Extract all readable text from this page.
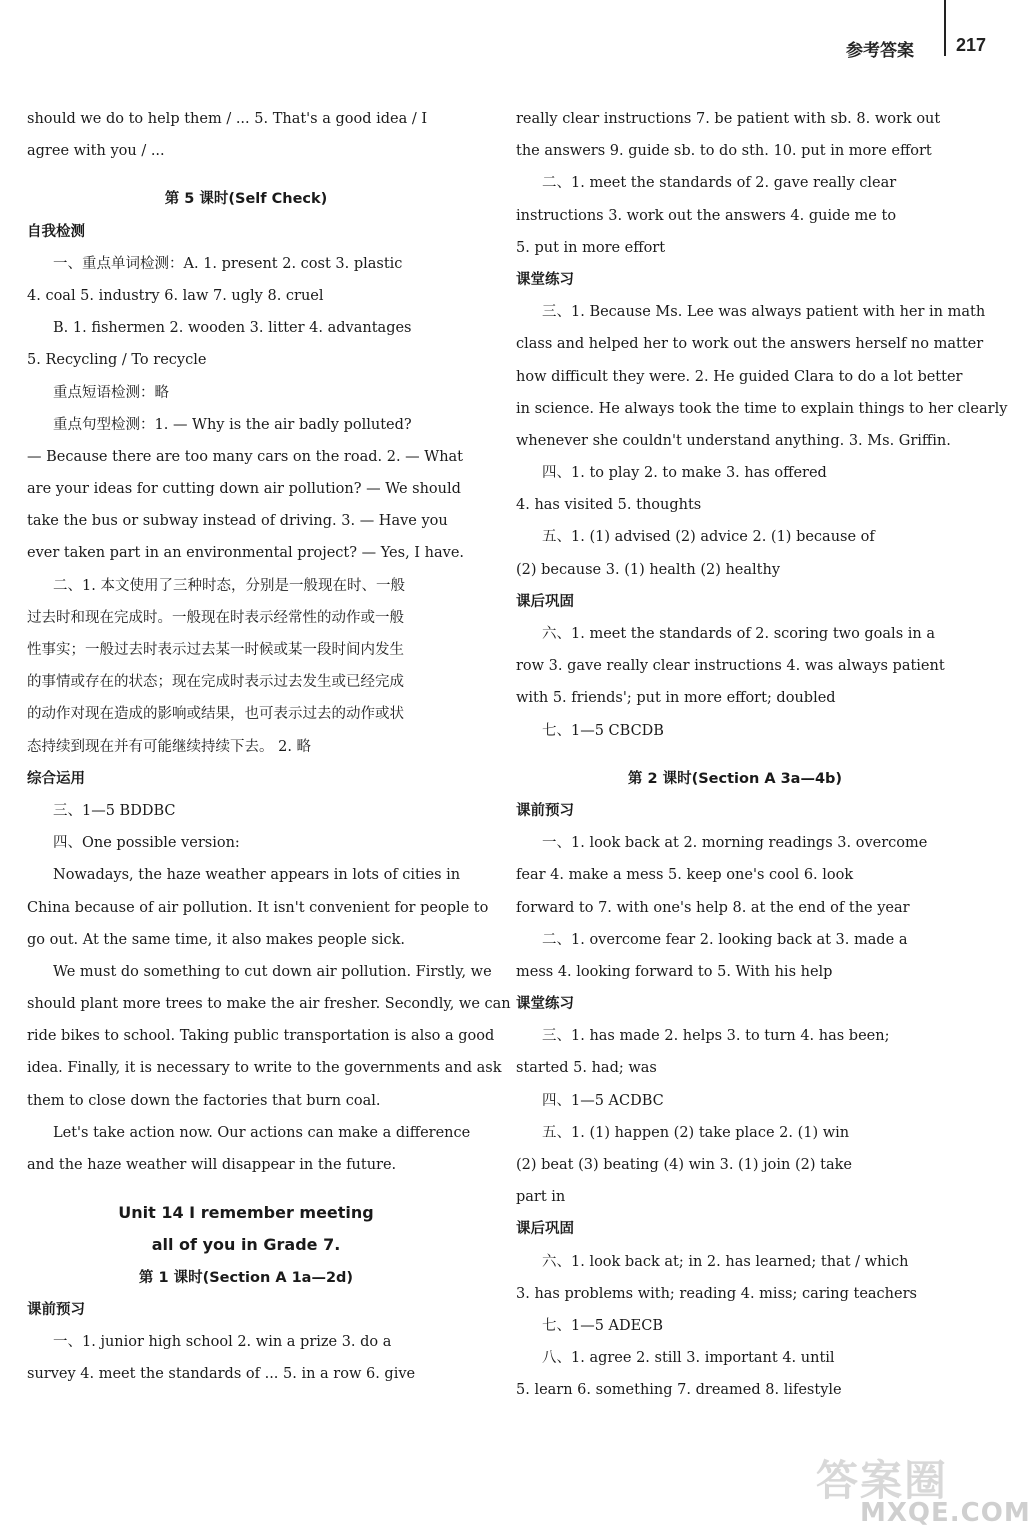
参考答案 217
should we do to help them / ... 5. That's a good idea / I
agree with you / ...
第 5 课时(Self Check)
自我检测
一、重点单词检测：A. 1. present 2. cost 3. plastic
4. coal 5. industry 6. law 7. ugly 8. cruel
B. 1. fishermen 2. wooden 3. litter 4. advantages
5. Recycling / To recycle
重点短语检测：略
重点句型检测：1. — Why is the air badly polluted?
— Because there are too many cars on the road. 2. — What
are your ideas for cutting down air pollution? — We should
take the bus or subway instead of driving. 3. — Have you
ever taken part in an environmental project? — Yes, I have.
二、1. 本文使用了三种时态，分别是一般现在时、一般
过去时和现在完成时。一般现在时表示经常性的动作或一般
性事实；一般过去时表示过去某一时候或某一段时间内发生
的事情或存在的状态；现在完成时表示过去发生或已经完成
的动作对现在造成的影响或结果，也可表示过去的动作或状
态持续到现在并有可能继续持续下去。 2. 略
综合运用
三、1—5 BDDBC
四、One possible version:
Nowadays, the haze weather appears in lots of cities in
China because of air pollution. It isn't convenient for people to
go out. At the same time, it also makes people sick.
We must do something to cut down air pollution. Firstly, we
should plant more trees to make the air fresher. Secondly, we can
ride bikes to school. Taking public transportation is also a good
idea. Finally, it is necessary to write to the governments and ask
them to close down the factories that burn coal.
Let's take action now. Our actions can make a difference
and the haze weather will disappear in the future.
Unit 14 I remember meeting
all of you in Grade 7.
第 1 课时(Section A 1a—2d)
课前预习
一、1. junior high school 2. win a prize 3. do a
survey 4. meet the standards of ... 5. in a row 6. give
really clear instructions 7. be patient with sb. 8. work out
the answers 9. guide sb. to do sth. 10. put in more effort
二、1. meet the standards of 2. gave really clear
instructions 3. work out the answers 4. guide me to
5. put in more effort
课堂练习
三、1. Because Ms. Lee was always patient with her in math
class and helped her to work out the answers herself no matter
how difficult they were. 2. He guided Clara to do a lot better
in science. He always took the time to explain things to her clearly
whenever she couldn't understand anything. 3. Ms. Griffin.
四、1. to play 2. to make 3. has offered
4. has visited 5. thoughts
五、1. (1) advised (2) advice 2. (1) because of
(2) because 3. (1) health (2) healthy
课后巩固
六、1. meet the standards of 2. scoring two goals in a
row 3. gave really clear instructions 4. was always patient
with 5. friends'; put in more effort; doubled
七、1—5 CBCDB
第 2 课时(Section A 3a—4b)
课前预习
一、1. look back at 2. morning readings 3. overcome
fear 4. make a mess 5. keep one's cool 6. look
forward to 7. with one's help 8. at the end of the year
二、1. overcome fear 2. looking back at 3. made a
mess 4. looking forward to 5. With his help
课堂练习
三、1. has made 2. helps 3. to turn 4. has been;
started 5. had; was
四、1—5 ACDBC
五、1. (1) happen (2) take place 2. (1) win
(2) beat (3) beating (4) win 3. (1) join (2) take
part in
课后巩固
六、1. look back at; in 2. has learned; that / which
3. has problems with; reading 4. miss; caring teachers
七、1—5 ADECB
八、1. agree 2. still 3. important 4. until
5. learn 6. something 7. dreamed 8. lifestyle
答案圈
MXQE.COM
